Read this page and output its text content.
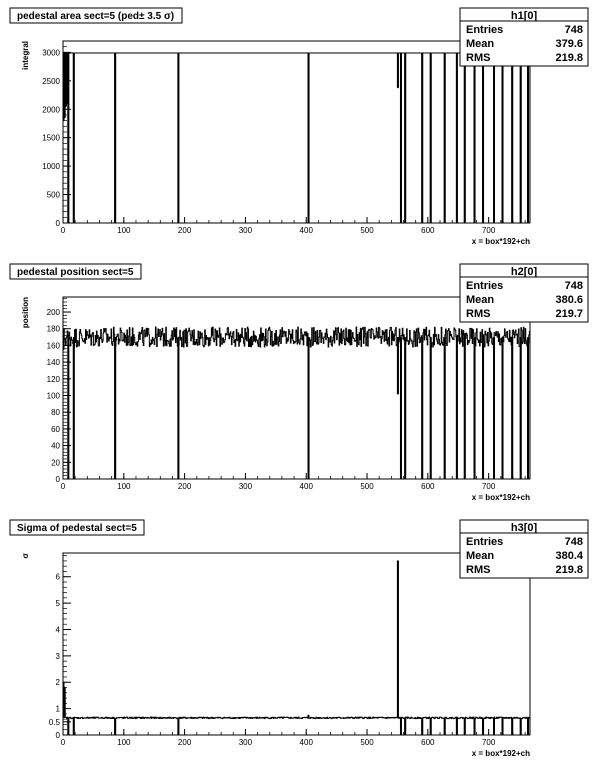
pedestal area sect=5 (ped± 3.5 σ)
0	100	200	300	400	500	600	700
x = box*192+ch
0
500
1000
1500
2000
2500
3000
integral
h1[0]
Entries	748
Mean	379.6
RMS	219.8
pedestal position sect=5
0	100	200	300	400	500	600	700
x = box*192+ch
0
20
40
60
80
100
120
140
160
180
200
position
h2[0]
Entries	748
Mean	380.6
RMS	219.7
Sigma of pedestal sect=5
0	100	200	300	400	500	600	700
x = box*192+ch
0
0.5
1
2
3
4
5
6
σ
h3[0]
Entries	748
Mean	380.4
RMS	219.8
